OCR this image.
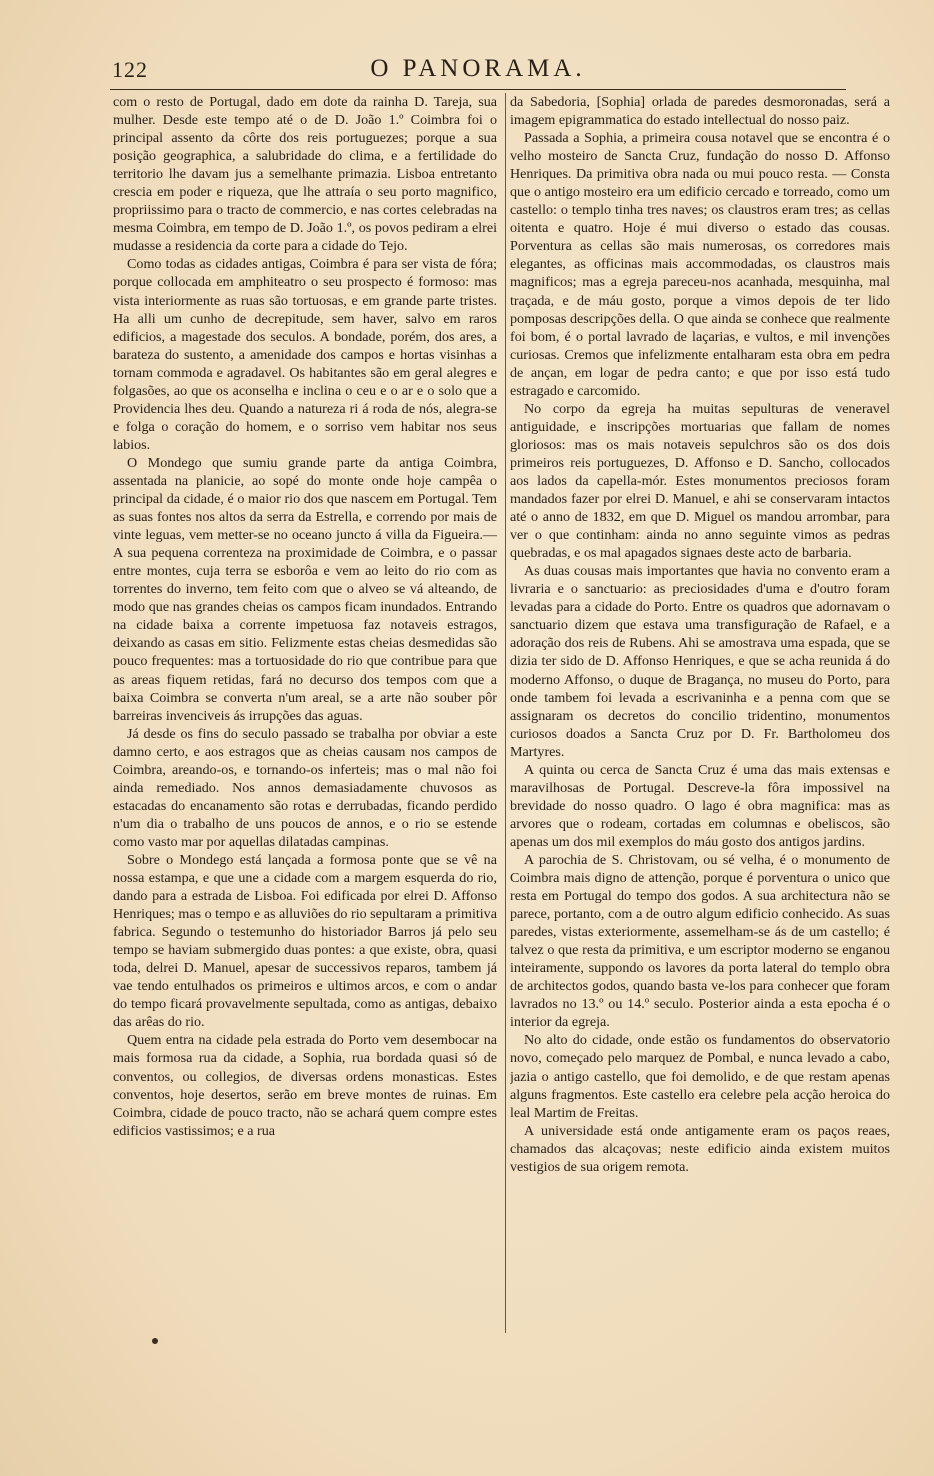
122	O PANORAMA.

com o resto de Portugal, dado em dote da rainha D. Tareja, sua mulher. Desde este tempo até o de D. João 1.º Coimbra foi o principal assento da côrte dos reis portuguezes; porque a sua posição geographica, a salubridade do clima, e a fertilidade do territorio lhe davam jus a semelhante primazia. Lisboa entretanto crescia em poder e riqueza, que lhe attraía o seu porto magnifico, propriissimo para o tracto de commercio, e nas cortes celebradas na mesma Coimbra, em tempo de D. João 1.º, os povos pediram a elrei mudasse a residencia da corte para a cidade do Tejo.

Como todas as cidades antigas, Coimbra é para ser vista de fóra; porque collocada em amphiteatro o seu prospecto é formoso: mas vista interiormente as ruas são tortuosas, e em grande parte tristes. Ha alli um cunho de decrepitude, sem haver, salvo em raros edificios, a magestade dos seculos. A bondade, porém, dos ares, a barateza do sustento, a amenidade dos campos e hortas visinhas a tornam commoda e agradavel. Os habitantes são em geral alegres e folgasões, ao que os aconselha e inclina o ceu e o ar e o solo que a Providencia lhes deu. Quando a natureza ri á roda de nós, alegra-se e folga o coração do homem, e o sorriso vem habitar nos seus labios.

O Mondego que sumiu grande parte da antiga Coimbra, assentada na planicie, ao sopé do monte onde hoje campêa o principal da cidade, é o maior rio dos que nascem em Portugal. Tem as suas fontes nos altos da serra da Estrella, e correndo por mais de vinte leguas, vem metter-se no oceano juncto á villa da Figueira.— A sua pequena correnteza na proximidade de Coimbra, e o passar entre montes, cuja terra se esborôa e vem ao leito do rio com as torrentes do inverno, tem feito com que o alveo se vá alteando, de modo que nas grandes cheias os campos ficam inundados. Entrando na cidade baixa a corrente impetuosa faz notaveis estragos, deixando as casas em sitio. Felizmente estas cheias desmedidas são pouco frequentes: mas a tortuosidade do rio que contribue para que as areas fiquem retidas, fará no decurso dos tempos com que a baixa Coimbra se converta n'um areal, se a arte não souber pôr barreiras invenciveis ás irrupções das aguas.

Já desde os fins do seculo passado se trabalha por obviar a este damno certo, e aos estragos que as cheias causam nos campos de Coimbra, areando-os, e tornando-os inferteis; mas o mal não foi ainda remediado. Nos annos demasiadamente chuvosos as estacadas do encanamento são rotas e derrubadas, ficando perdido n'um dia o trabalho de uns poucos de annos, e o rio se estende como vasto mar por aquellas dilatadas campinas.

Sobre o Mondego está lançada a formosa ponte que se vê na nossa estampa, e que une a cidade com a margem esquerda do rio, dando para a estrada de Lisboa. Foi edificada por elrei D. Affonso Henriques; mas o tempo e as alluviões do rio sepultaram a primitiva fabrica. Segundo o testemunho do historiador Barros já pelo seu tempo se haviam submergido duas pontes: a que existe, obra, quasi toda, delrei D. Manuel, apesar de successivos reparos, tambem já vae tendo entulhados os primeiros e ultimos arcos, e com o andar do tempo ficará provavelmente sepultada, como as antigas, debaixo das arêas do rio.

Quem entra na cidade pela estrada do Porto vem desembocar na mais formosa rua da cidade, a Sophia, rua bordada quasi só de conventos, ou collegios, de diversas ordens monasticas. Estes conventos, hoje desertos, serão em breve montes de ruinas. Em Coimbra, cidade de pouco tracto, não se achará quem compre estes edificios vastissimos; e a rua

da Sabedoria, [Sophia] orlada de paredes desmoronadas, será a imagem epigrammatica do estado intellectual do nosso paiz.

Passada a Sophia, a primeira cousa notavel que se encontra é o velho mosteiro de Sancta Cruz, fundação do nosso D. Affonso Henriques. Da primitiva obra nada ou mui pouco resta. — Consta que o antigo mosteiro era um edificio cercado e torreado, como um castello: o templo tinha tres naves; os claustros eram tres; as cellas oitenta e quatro. Hoje é mui diverso o estado das cousas. Porventura as cellas são mais numerosas, os corredores mais elegantes, as officinas mais accommodadas, os claustros mais magnificos; mas a egreja pareceu-nos acanhada, mesquinha, mal traçada, e de máu gosto, porque a vimos depois de ter lido pomposas descripções della. O que ainda se conhece que realmente foi bom, é o portal lavrado de laçarias, e vultos, e mil invenções curiosas. Cremos que infelizmente entalharam esta obra em pedra de ançan, em logar de pedra canto; e que por isso está tudo estragado e carcomido.

No corpo da egreja ha muitas sepulturas de veneravel antiguidade, e inscripções mortuarias que fallam de nomes gloriosos: mas os mais notaveis sepulchros são os dos dois primeiros reis portuguezes, D. Affonso e D. Sancho, collocados aos lados da capella-mór. Estes monumentos preciosos foram mandados fazer por elrei D. Manuel, e ahi se conservaram intactos até o anno de 1832, em que D. Miguel os mandou arrombar, para ver o que continham: ainda no anno seguinte vimos as pedras quebradas, e os mal apagados signaes deste acto de barbaria.

As duas cousas mais importantes que havia no convento eram a livraria e o sanctuario: as preciosidades d'uma e d'outro foram levadas para a cidade do Porto. Entre os quadros que adornavam o sanctuario dizem que estava uma transfiguração de Rafael, e a adoração dos reis de Rubens. Ahi se amostrava uma espada, que se dizia ter sido de D. Affonso Henriques, e que se acha reunida á do moderno Affonso, o duque de Bragança, no museu do Porto, para onde tambem foi levada a escrivaninha e a penna com que se assignaram os decretos do concilio tridentino, monumentos curiosos doados a Sancta Cruz por D. Fr. Bartholomeu dos Martyres.

A quinta ou cerca de Sancta Cruz é uma das mais extensas e maravilhosas de Portugal. Descreve-la fôra impossivel na brevidade do nosso quadro. O lago é obra magnifica: mas as arvores que o rodeam, cortadas em columnas e obeliscos, são apenas um dos mil exemplos do máu gosto dos antigos jardins.

A parochia de S. Christovam, ou sé velha, é o monumento de Coimbra mais digno de attenção, porque é porventura o unico que resta em Portugal do tempo dos godos. A sua architectura não se parece, portanto, com a de outro algum edificio conhecido. As suas paredes, vistas exteriormente, assemelham-se ás de um castello; é talvez o que resta da primitiva, e um escriptor moderno se enganou inteiramente, suppondo os lavores da porta lateral do templo obra de architectos godos, quando basta ve-los para conhecer que foram lavrados no 13.º ou 14.º seculo. Posterior ainda a esta epocha é o interior da egreja.

No alto do cidade, onde estão os fundamentos do observatorio novo, começado pelo marquez de Pombal, e nunca levado a cabo, jazia o antigo castello, que foi demolido, e de que restam apenas alguns fragmentos. Este castello era celebre pela acção heroica do leal Martim de Freitas.

A universidade está onde antigamente eram os paços reaes, chamados das alcaçovas; neste edificio ainda existem muitos vestigios de sua origem remota.
